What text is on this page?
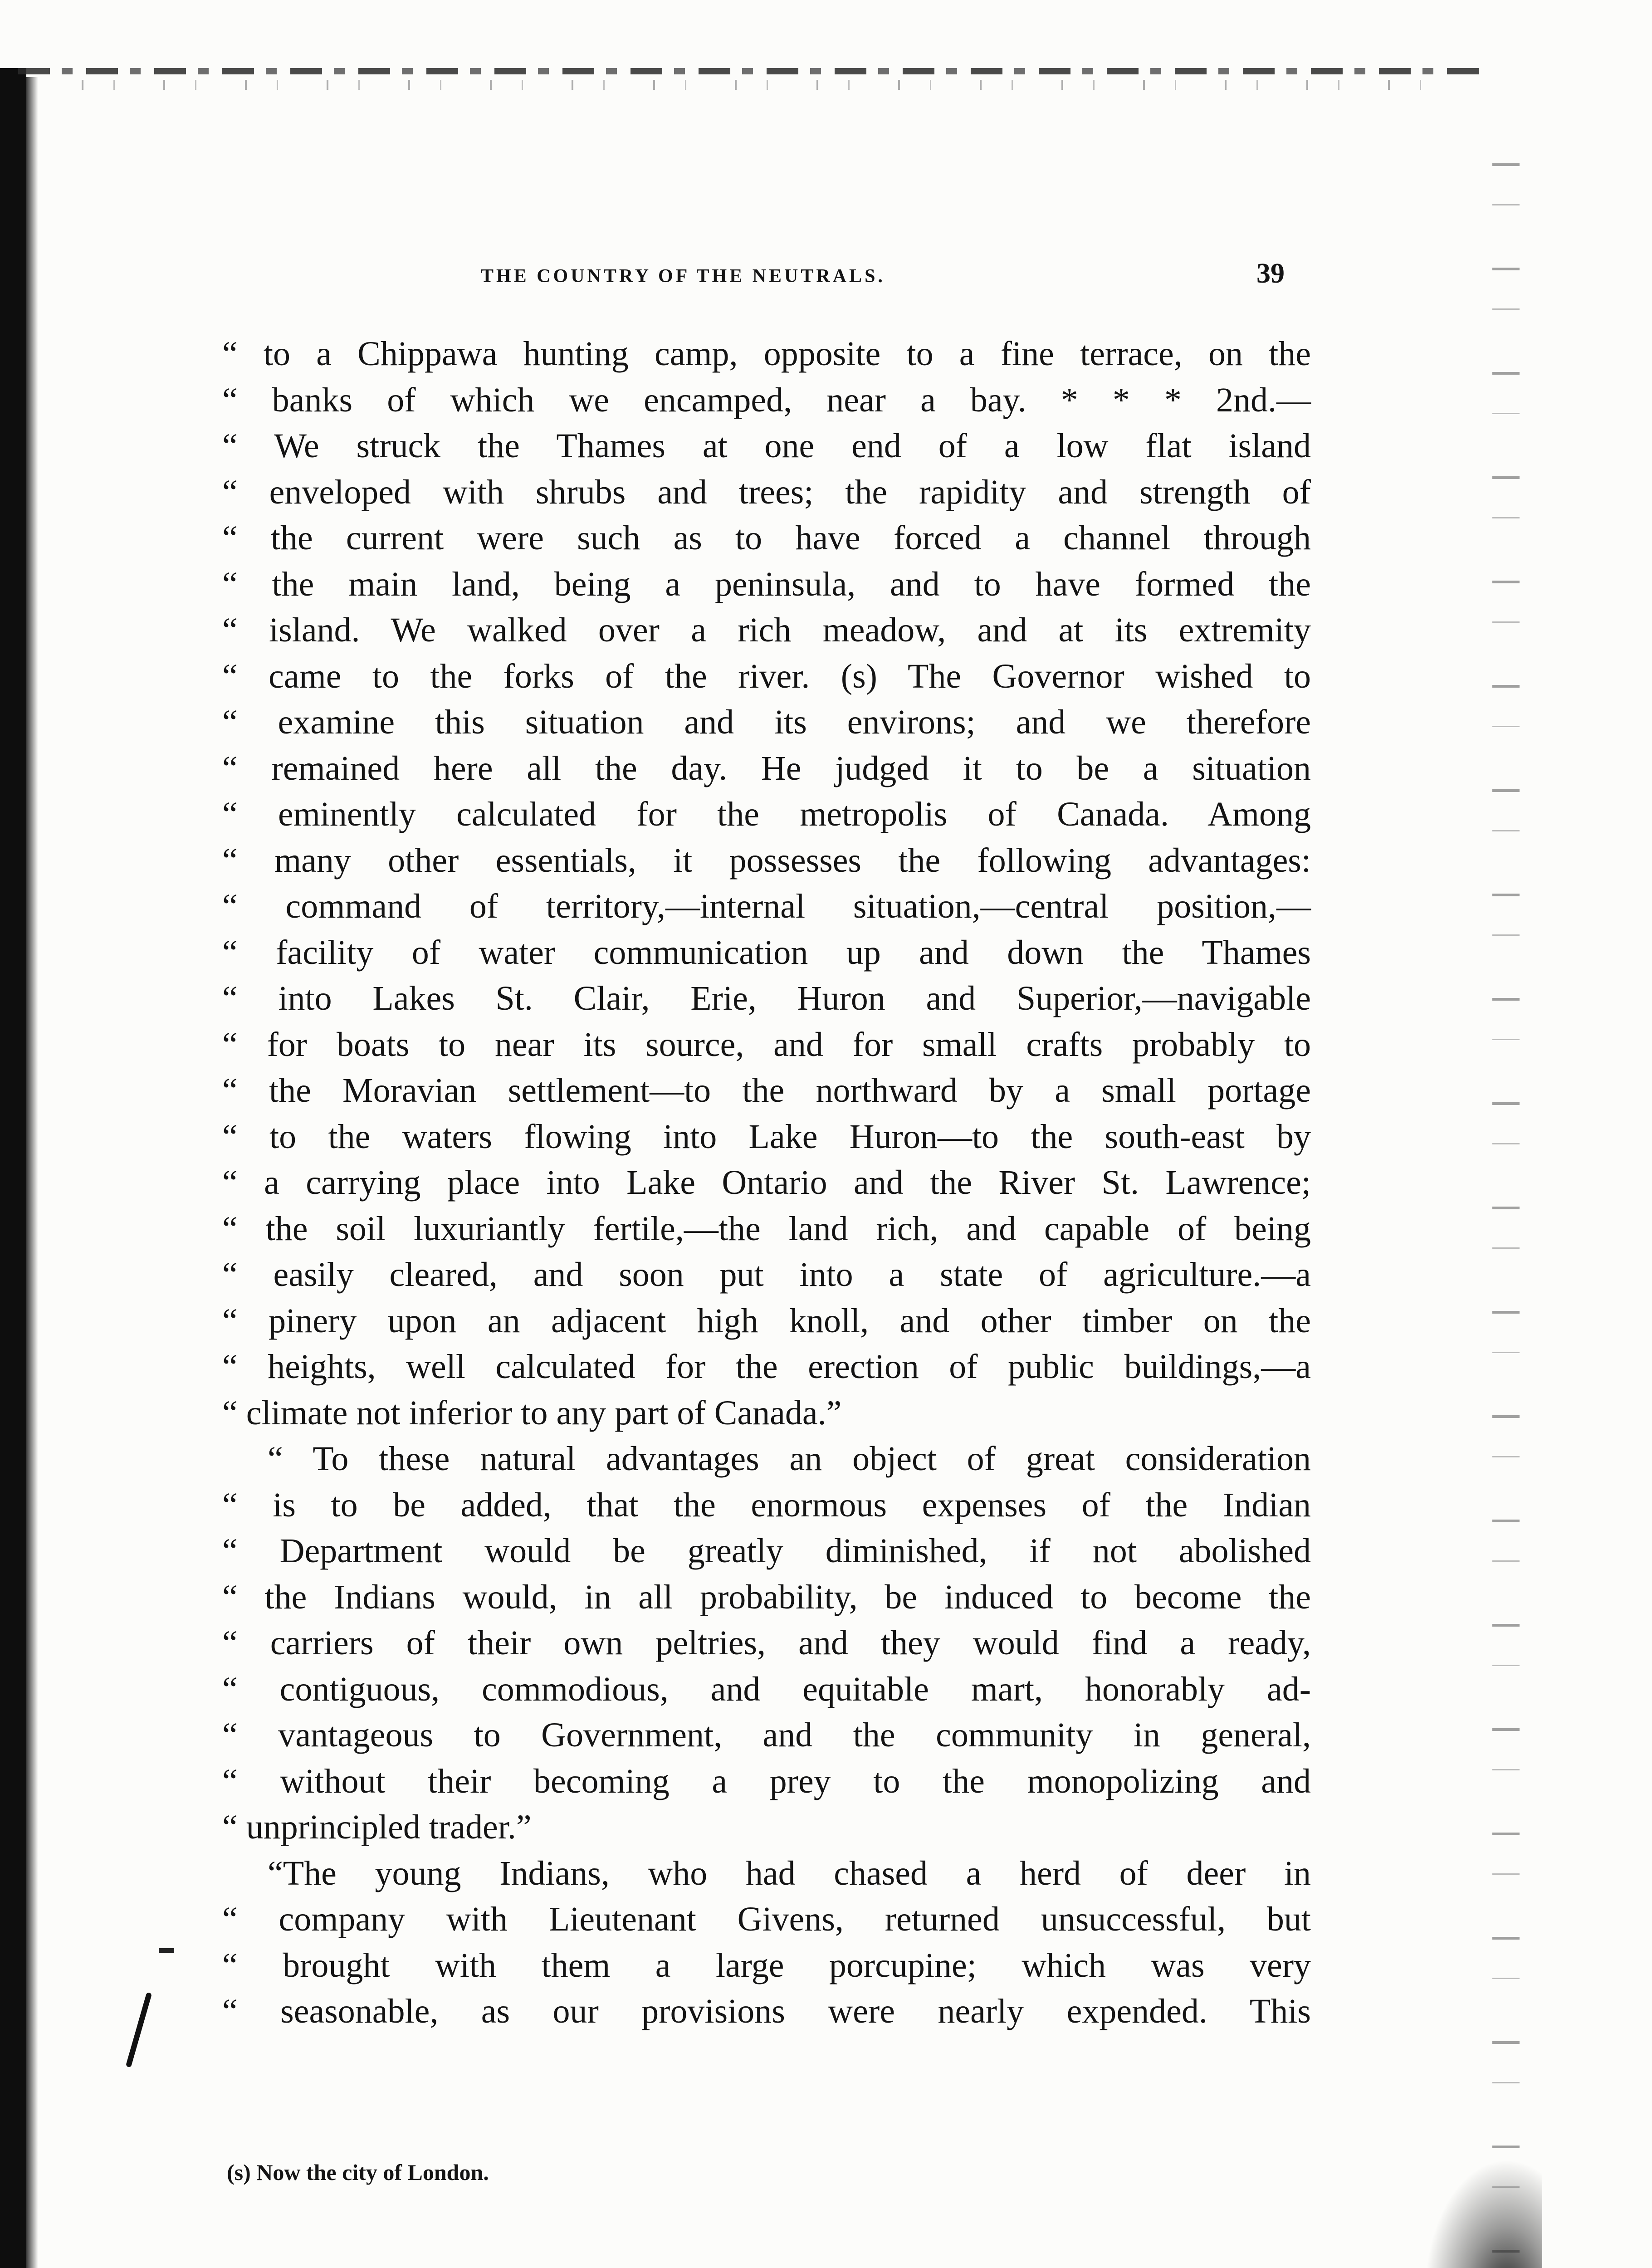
THE COUNTRY OF THE NEUTRALS.	39
“ to a Chippawa hunting camp, opposite to a fine terrace, on the
“ banks of which we encamped, near a bay. * * * 2nd.—
“ We struck the Thames at one end of a low flat island
“ enveloped with shrubs and trees; the rapidity and strength of
“ the current were such as to have forced a channel through
“ the main land, being a peninsula, and to have formed the
“ island. We walked over a rich meadow, and at its extremity
“ came to the forks of the river. (s) The Governor wished to
“ examine this situation and its environs; and we therefore
“ remained here all the day. He judged it to be a situation
“ eminently calculated for the metropolis of Canada. Among
“ many other essentials, it possesses the following advantages:
“ command of territory,—internal situation,—central position,—
“ facility of water communication up and down the Thames
“ into Lakes St. Clair, Erie, Huron and Superior,—navigable
“ for boats to near its source, and for small crafts probably to
“ the Moravian settlement—to the northward by a small portage
“ to the waters flowing into Lake Huron—to the south-east by
“ a carrying place into Lake Ontario and the River St. Lawrence;
“ the soil luxuriantly fertile,—the land rich, and capable of being
“ easily cleared, and soon put into a state of agriculture.—a
“ pinery upon an adjacent high knoll, and other timber on the
“ heights, well calculated for the erection of public buildings,—a
“ climate not inferior to any part of Canada.”
“ To these natural advantages an object of great consideration
“ is to be added, that the enormous expenses of the Indian
“ Department would be greatly diminished, if not abolished
“ the Indians would, in all probability, be induced to become the
“ carriers of their own peltries, and they would find a ready,
“ contiguous, commodious, and equitable mart, honorably ad-
“ vantageous to Government, and the community in general,
“ without their becoming a prey to the monopolizing and
“ unprincipled trader.”
“The young Indians, who had chased a herd of deer in
“ company with Lieutenant Givens, returned unsuccessful, but
“ brought with them a large porcupine; which was very
“ seasonable, as our provisions were nearly expended. This
(s) Now the city of London.
